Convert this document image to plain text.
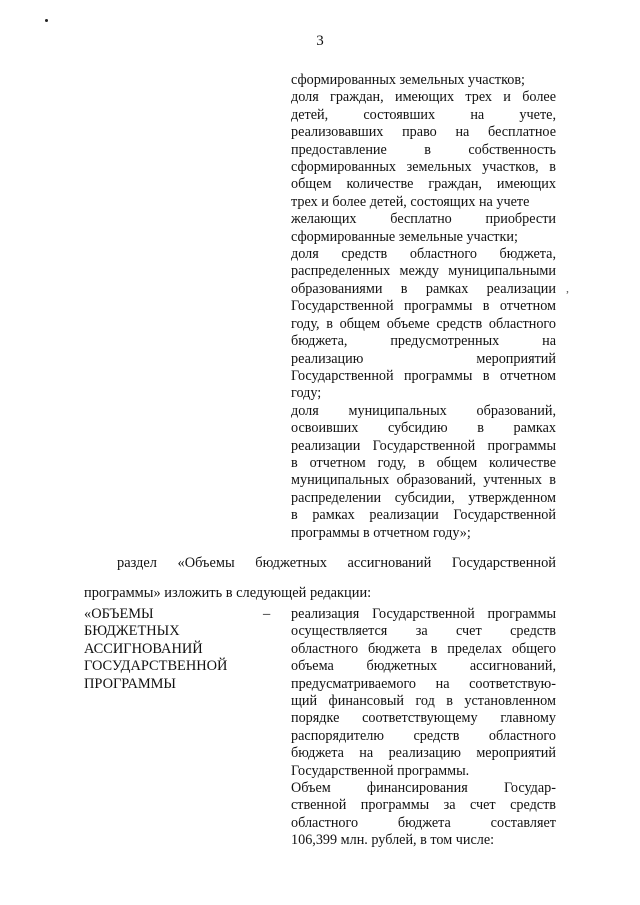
3
сформированных земельных участков;
доля граждан, имеющих трех и более
детей, состоявших на учете,
реализовавших право на бесплатное
предоставление в собственность
сформированных земельных участков, в
общем количестве граждан, имеющих
трех и более детей, состоящих на учете
желающих бесплатно приобрести
сформированные земельные участки;
доля средств областного бюджета,
распределенных между муниципальными
образованиями в рамках реализации
Государственной программы в отчетном
году, в общем объеме средств областного
бюджета, предусмотренных на
реализацию мероприятий
Государственной программы в отчетном
году;
доля муниципальных образований,
освоивших субсидию в рамках
реализации Государственной программы
в отчетном году, в общем количестве
муниципальных образований, учтенных в
распределении субсидии, утвержденном
в рамках реализации Государственной
программы в отчетном году»;
,
раздел «Объемы бюджетных ассигнований Государственной
программы» изложить в следующей редакции:
«ОБЪЕМЫ
БЮДЖЕТНЫХ
АССИГНОВАНИЙ
ГОСУДАРСТВЕННОЙ
ПРОГРАММЫ
– реализация Государственной программы
осуществляется за счет средств
областного бюджета в пределах общего
объема бюджетных ассигнований,
предусматриваемого на соответствую-
щий финансовый год в установленном
порядке соответствующему главному
распорядителю средств областного
бюджета на реализацию мероприятий
Государственной программы.
Объем финансирования Государ-
ственной программы за счет средств
областного бюджета составляет
106,399 млн. рублей, в том числе:
